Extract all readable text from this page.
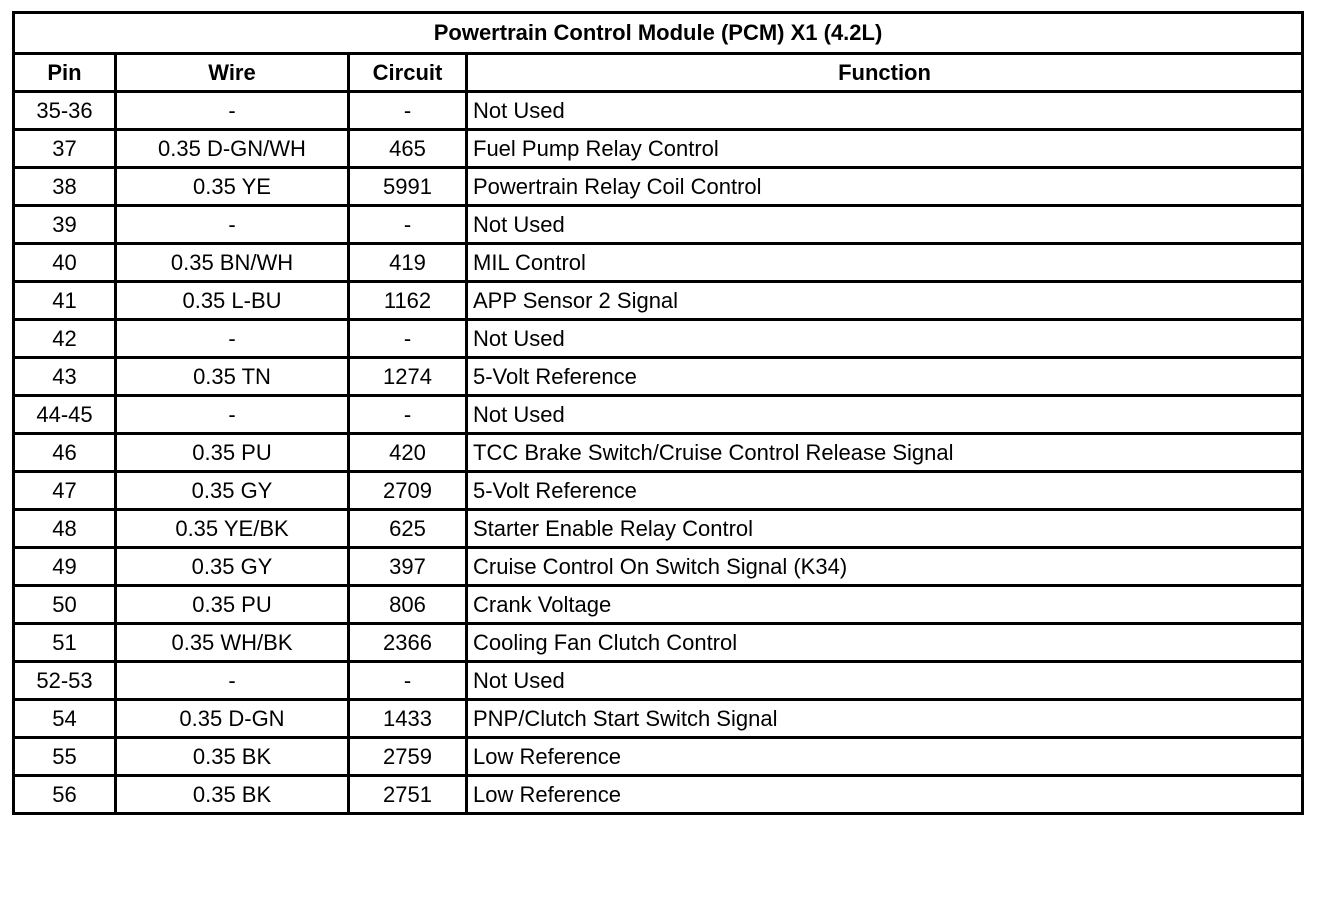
Powertrain Control Module (PCM) X1 (4.2L)			
Pin	Wire	Circuit	Function
35-36	-	-	Not Used
37	0.35 D-GN/WH	465	Fuel Pump Relay Control
38	0.35 YE	5991	Powertrain Relay Coil Control
39	-	-	Not Used
40	0.35 BN/WH	419	MIL Control
41	0.35 L-BU	1162	APP Sensor 2 Signal
42	-	-	Not Used
43	0.35 TN	1274	5-Volt Reference
44-45	-	-	Not Used
46	0.35 PU	420	TCC Brake Switch/Cruise Control Release Signal
47	0.35 GY	2709	5-Volt Reference
48	0.35 YE/BK	625	Starter Enable Relay Control
49	0.35 GY	397	Cruise Control On Switch Signal (K34)
50	0.35 PU	806	Crank Voltage
51	0.35 WH/BK	2366	Cooling Fan Clutch Control
52-53	-	-	Not Used
54	0.35 D-GN	1433	PNP/Clutch Start Switch Signal
55	0.35 BK	2759	Low Reference
56	0.35 BK	2751	Low Reference
